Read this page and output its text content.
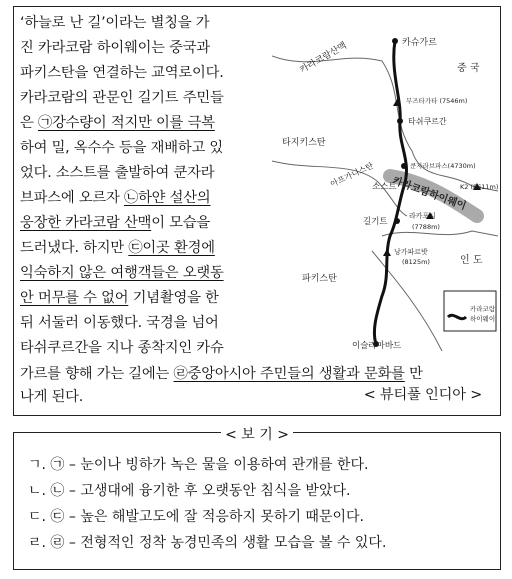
‘하늘로 난 길’이라는 별칭을 가
진 카라코람 하이웨이는 중국과
파키스탄을 연결하는 교역로이다.
카라코람의 관문인 길기트 주민들
은 ㉠강수량이 적지만 이를 극복
하여 밀, 옥수수 등을 재배하고 있
었다. 소스트를 출발하여 쿤자라
브파스에 오르자 ㉡하얀 설산의
웅장한 카라코람 산맥이 모습을
드러냈다. 하지만 ㉢이곳 환경에
익숙하지 않은 여행객들은 오랫동
안 머무를 수 없어 기념촬영을 한
뒤 서둘러 이동했다. 국경을 넘어
타쉬쿠르간을 지나 종착지인 카슈
가르를 향해 가는 길에는 ㉣중앙아시아 주민들의 생활과 문화를 만
나게 된다.
카슈가르
중 국
카라코람산맥
무즈타가타 (7546m)
타쉬쿠르간
타지키스탄
쿤자라브파스(4730m)
아프가니스탄	K2 (8611m)
소스트
길기트
라카포시
(7788m)
카라코람하이웨이
낭가파르밧
(8125m)
파키스탄
인 도
이슬라마바드
카라코람
하이웨이
< 뷰티풀 인디아 >
< 보 기 >
ㄱ. ㉠ – 눈이나 빙하가 녹은 물을 이용하여 관개를 한다.
ㄴ. ㉡ – 고생대에 융기한 후 오랫동안 침식을 받았다.
ㄷ. ㉢ – 높은 해발고도에 잘 적응하지 못하기 때문이다.
ㄹ. ㉣ – 전형적인 정착 농경민족의 생활 모습을 볼 수 있다.
